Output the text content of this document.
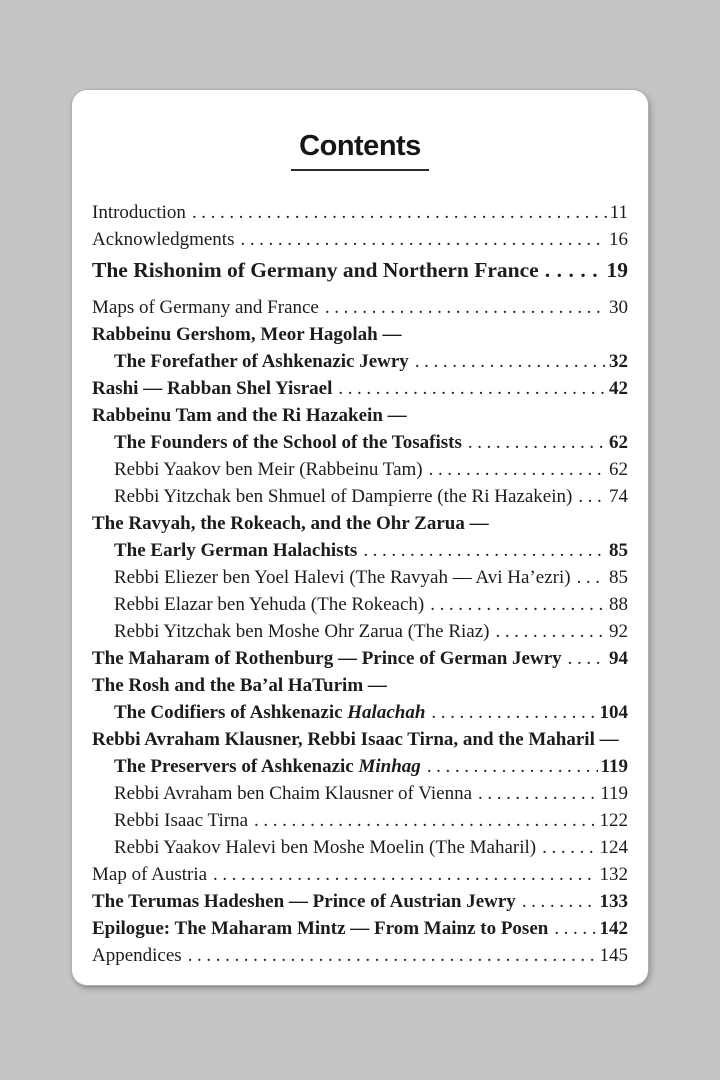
Contents
Introduction .....	11
Acknowledgments .....	16
The Rishonim of Germany and Northern France .....	19
Maps of Germany and France .....	30
Rabbeinu Gershom, Meor Hagolah —
The Forefather of Ashkenazic Jewry .....	32
Rashi — Rabban Shel Yisrael .....	42
Rabbeinu Tam and the Ri Hazakein —
The Founders of the School of the Tosafists .....	62
Rebbi Yaakov ben Meir (Rabbeinu Tam) .....	62
Rebbi Yitzchak ben Shmuel of Dampierre (the Ri Hazakein) ..... 74
The Ravyah, the Rokeach, and the Ohr Zarua —
The Early German Halachists .....	85
Rebbi Eliezer ben Yoel Halevi (The Ravyah — Avi Ha’ezri) ..... 85
Rebbi Elazar ben Yehuda (The Rokeach) .....	88
Rebbi Yitzchak ben Moshe Ohr Zarua (The Riaz) .....	92
The Maharam of Rothenburg — Prince of German Jewry ..... 94
The Rosh and the Ba’al HaTurim —
The Codifiers of Ashkenazic Halachah .....	104
Rebbi Avraham Klausner, Rebbi Isaac Tirna, and the Maharil —
The Preservers of Ashkenazic Minhag .....	119
Rebbi Avraham ben Chaim Klausner of Vienna .....	119
Rebbi Isaac Tirna .....	122
Rebbi Yaakov Halevi ben Moshe Moelin (The Maharil) .....	124
Map of Austria .....	132
The Terumas Hadeshen — Prince of Austrian Jewry .....	133
Epilogue: The Maharam Mintz — From Mainz to Posen .....	142
Appendices .....	145
